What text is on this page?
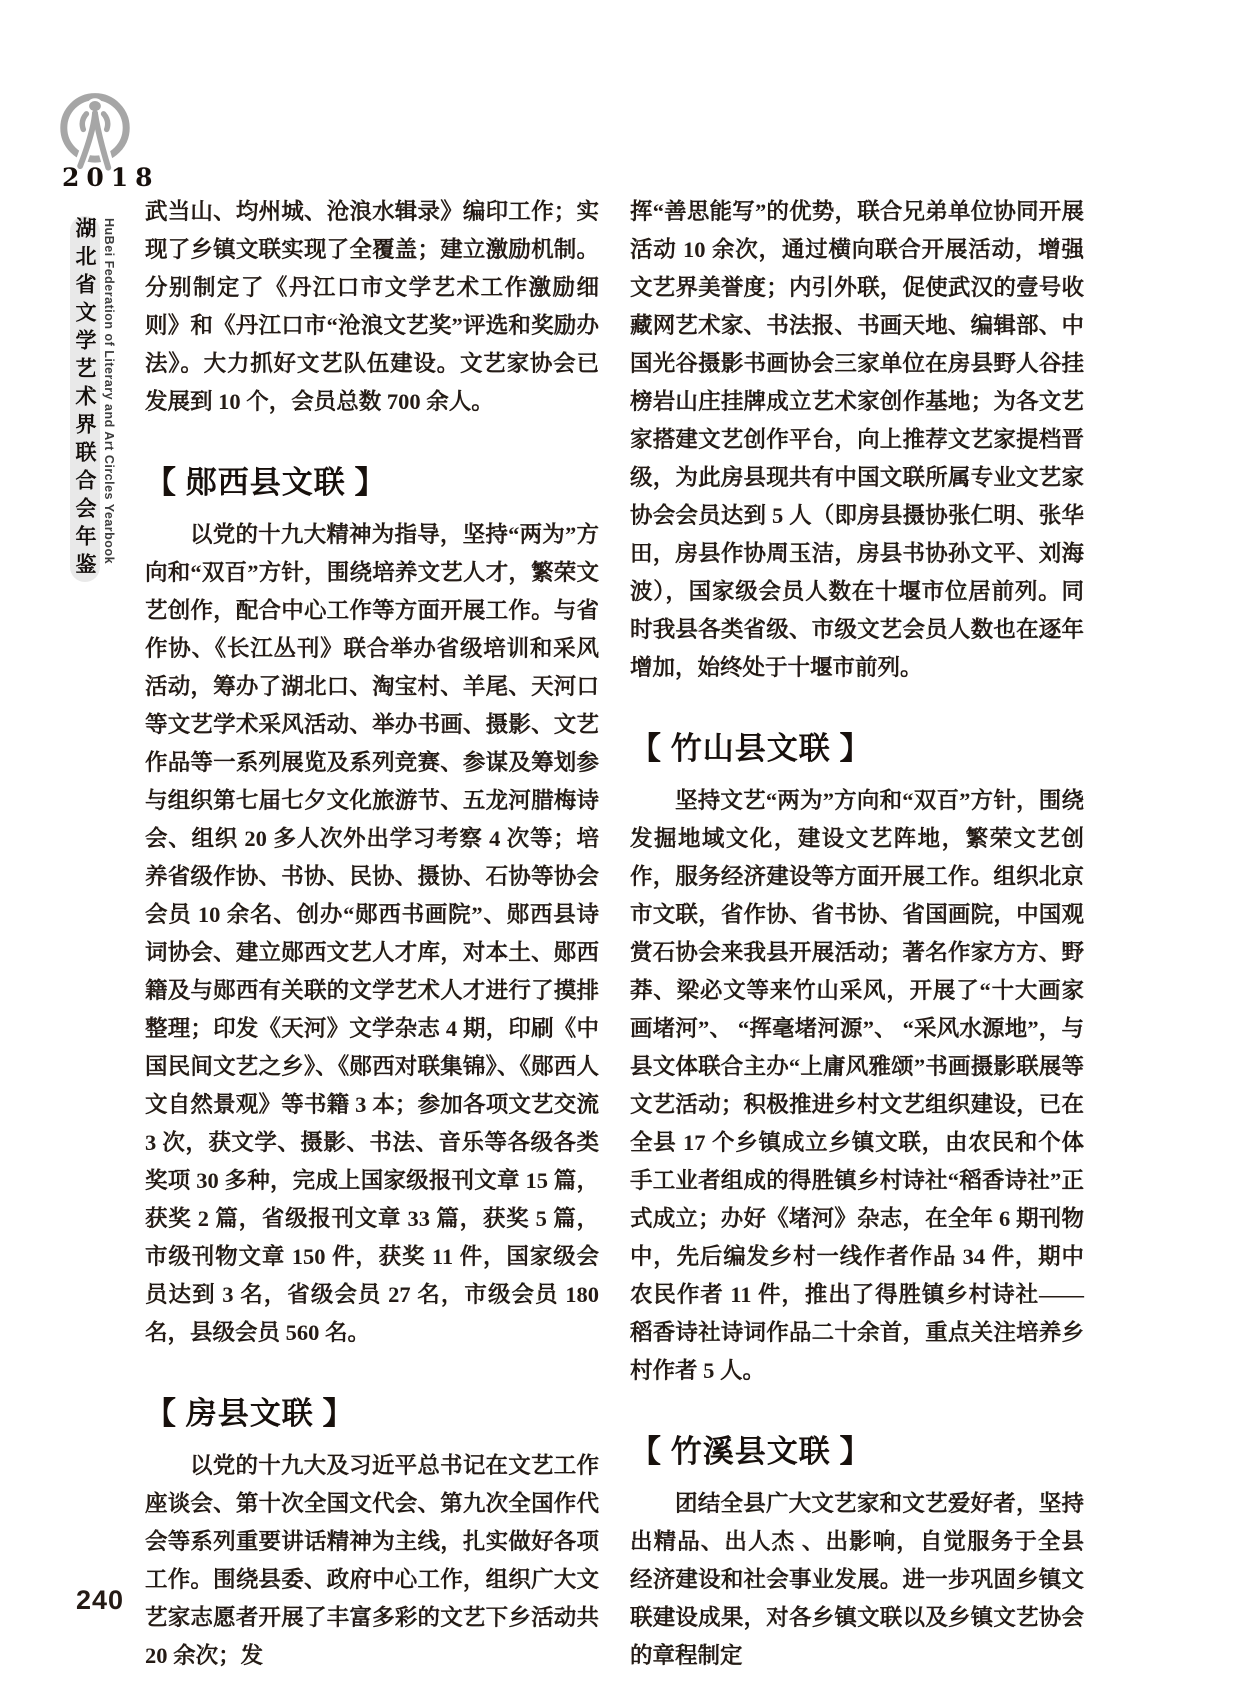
2018
湖北省文学艺术界联合会年鉴 HuBei Federation of Literary and Art Circles Yearbook

武当山、均州城、沧浪水辑录》编印工作；实现了乡镇文联实现了全覆盖；建立激励机制。分别制定了《丹江口市文学艺术工作激励细则》和《丹江口市“沧浪文艺奖”评选和奖励办法》。大力抓好文艺队伍建设。文艺家协会已发展到 10 个，会员总数 700 余人。

【 郧西县文联 】

以党的十九大精神为指导，坚持“两为”方向和“双百”方针，围绕培养文艺人才，繁荣文艺创作，配合中心工作等方面开展工作。与省作协、《长江丛刊》联合举办省级培训和采风活动，筹办了湖北口、淘宝村、羊尾、天河口等文艺学术采风活动、举办书画、摄影、文艺作品等一系列展览及系列竞赛、参谋及筹划参与组织第七届七夕文化旅游节、五龙河腊梅诗会、组织 20 多人次外出学习考察 4 次等；培养省级作协、书协、民协、摄协、石协等协会会员 10 余名、创办“郧西书画院”、郧西县诗词协会、建立郧西文艺人才库，对本土、郧西籍及与郧西有关联的文学艺术人才进行了摸排整理；印发《天河》文学杂志 4 期，印刷《中国民间文艺之乡》、《郧西对联集锦》、《郧西人文自然景观》等书籍 3 本；参加各项文艺交流 3 次，获文学、摄影、书法、音乐等各级各类奖项 30 多种，完成上国家级报刊文章 15 篇，获奖 2 篇，省级报刊文章 33 篇，获奖 5 篇，市级刊物文章 150 件，获奖 11 件，国家级会员达到 3 名，省级会员 27 名，市级会员 180 名，县级会员 560 名。

【 房县文联 】

以党的十九大及习近平总书记在文艺工作座谈会、第十次全国文代会、第九次全国作代会等系列重要讲话精神为主线，扎实做好各项工作。围绕县委、政府中心工作，组织广大文艺家志愿者开展了丰富多彩的文艺下乡活动共 20 余次；发

挥“善思能写”的优势，联合兄弟单位协同开展活动 10 余次，通过横向联合开展活动，增强文艺界美誉度；内引外联，促使武汉的壹号收藏网艺术家、书法报、书画天地、编辑部、中国光谷摄影书画协会三家单位在房县野人谷挂榜岩山庄挂牌成立艺术家创作基地；为各文艺家搭建文艺创作平台，向上推荐文艺家提档晋级，为此房县现共有中国文联所属专业文艺家协会会员达到 5 人（即房县摄协张仁明、张华田，房县作协周玉洁，房县书协孙文平、刘海波），国家级会员人数在十堰市位居前列。同时我县各类省级、市级文艺会员人数也在逐年增加，始终处于十堰市前列。

【 竹山县文联 】

坚持文艺“两为”方向和“双百”方针，围绕发掘地域文化，建设文艺阵地，繁荣文艺创作，服务经济建设等方面开展工作。组织北京市文联，省作协、省书协、省国画院，中国观赏石协会来我县开展活动；著名作家方方、野莽、梁必文等来竹山采风，开展了“十大画家画堵河”、 “挥毫堵河源”、 “采风水源地”，与县文体联合主办“上庸风雅颂”书画摄影联展等文艺活动；积极推进乡村文艺组织建设，已在全县 17 个乡镇成立乡镇文联，由农民和个体手工业者组成的得胜镇乡村诗社“稻香诗社”正式成立；办好《堵河》杂志，在全年 6 期刊物中，先后编发乡村一线作者作品 34 件，期中农民作者 11 件，推出了得胜镇乡村诗社——稻香诗社诗词作品二十余首，重点关注培养乡村作者 5 人。

【 竹溪县文联 】

团结全县广大文艺家和文艺爱好者，坚持出精品、出人杰 、出影响，自觉服务于全县经济建设和社会事业发展。进一步巩固乡镇文联建设成果，对各乡镇文联以及乡镇文艺协会的章程制定

240
